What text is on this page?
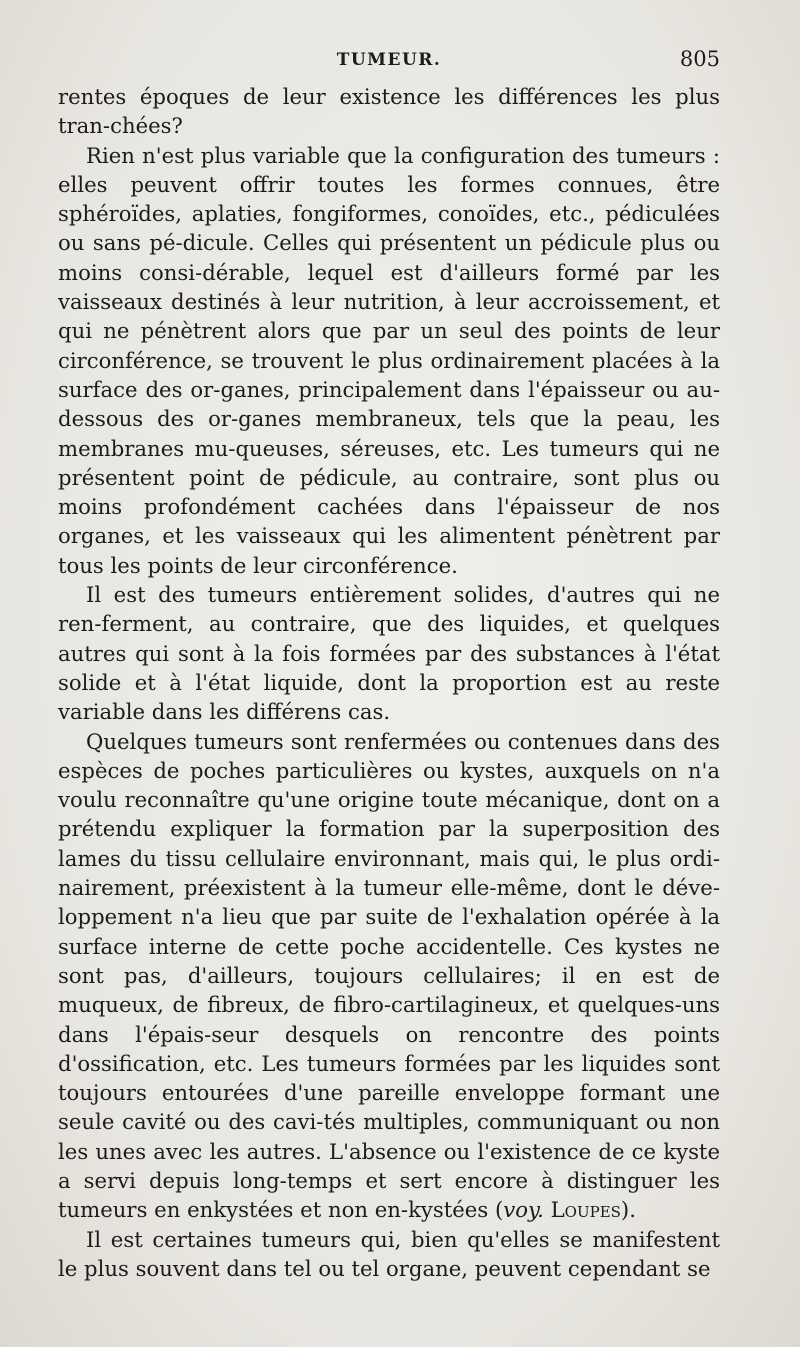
TUMEUR.	805

rentes époques de leur existence les différences les plus tran-chées?

Rien n'est plus variable que la configuration des tumeurs : elles peuvent offrir toutes les formes connues, être sphéroïdes, aplaties, fongiformes, conoïdes, etc., pédiculées ou sans pé-dicule. Celles qui présentent un pédicule plus ou moins consi-dérable, lequel est d'ailleurs formé par les vaisseaux destinés à leur nutrition, à leur accroissement, et qui ne pénètrent alors que par un seul des points de leur circonférence, se trouvent le plus ordinairement placées à la surface des or-ganes, principalement dans l'épaisseur ou au-dessous des or-ganes membraneux, tels que la peau, les membranes mu-queuses, séreuses, etc. Les tumeurs qui ne présentent point de pédicule, au contraire, sont plus ou moins profondément cachées dans l'épaisseur de nos organes, et les vaisseaux qui les alimentent pénètrent par tous les points de leur circonférence.

Il est des tumeurs entièrement solides, d'autres qui ne ren-ferment, au contraire, que des liquides, et quelques autres qui sont à la fois formées par des substances à l'état solide et à l'état liquide, dont la proportion est au reste variable dans les différens cas.

Quelques tumeurs sont renfermées ou contenues dans des espèces de poches particulières ou kystes, auxquels on n'a voulu reconnaître qu'une origine toute mécanique, dont on a prétendu expliquer la formation par la superposition des lames du tissu cellulaire environnant, mais qui, le plus ordi-nairement, préexistent à la tumeur elle-même, dont le déve-loppement n'a lieu que par suite de l'exhalation opérée à la surface interne de cette poche accidentelle. Ces kystes ne sont pas, d'ailleurs, toujours cellulaires; il en est de muqueux, de fibreux, de fibro-cartilagineux, et quelques-uns dans l'épais-seur desquels on rencontre des points d'ossification, etc. Les tumeurs formées par les liquides sont toujours entourées d'une pareille enveloppe formant une seule cavité ou des cavi-tés multiples, communiquant ou non les unes avec les autres. L'absence ou l'existence de ce kyste a servi depuis long-temps et sert encore à distinguer les tumeurs en enkystées et non en-kystées (voy. Loupes).

Il est certaines tumeurs qui, bien qu'elles se manifestent le plus souvent dans tel ou tel organe, peuvent cependant se
